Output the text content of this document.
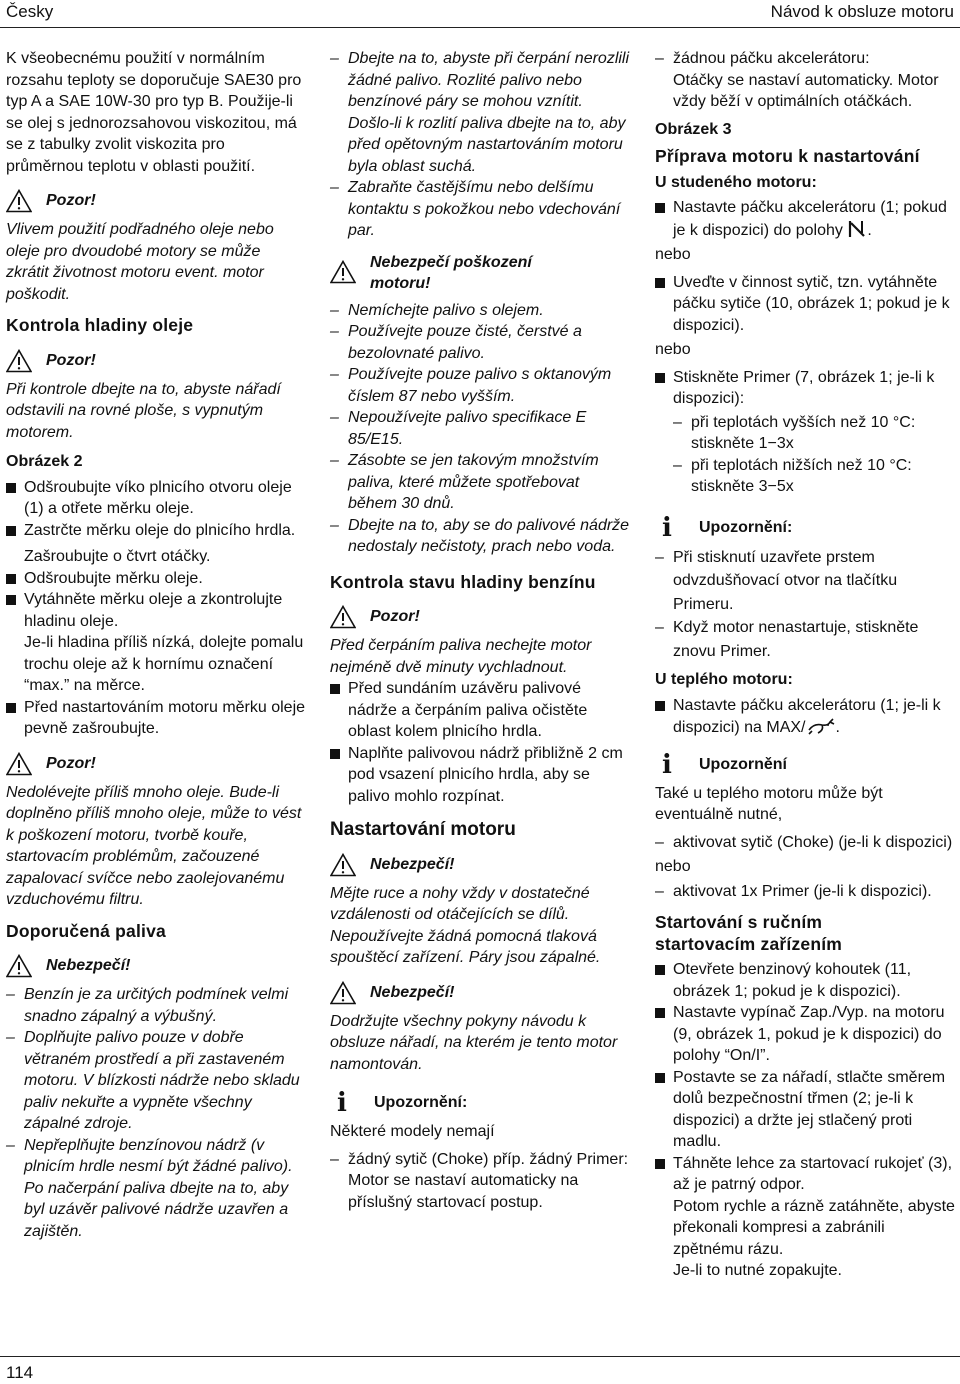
Česky	Návod k obsluze motoru

K všeobecnému použití v normálním rozsahu teploty se doporučuje SAE30 pro typ A a SAE 10W-30 pro typ B. Použije-li se olej s jednorozsahovou viskozitou, má se z tabulky zvolit viskozita pro průměrnou teplotu v oblasti použití.

Pozor!

Vlivem použití podřadného oleje nebo oleje pro dvoudobé motory se může zkrátit životnost motoru event. motor poškodit.

Kontrola hladiny oleje
Pozor!

Při kontrole dbejte na to, abyste nářadí odstavili na rovné ploše, s vypnutým motorem.

Obrázek 2
Odšroubujte víko plnicího otvoru oleje (1) a otřete měrku oleje.
Zastrčte měrku oleje do plnicího hrdla.

Zašroubujte o čtvrt otáčky.

Odšroubujte měrku oleje.
Vytáhněte měrku oleje a zkontrolujte hladinu oleje.

Je-li hladina příliš nízká, dolejte pomalu trochu oleje až k hornímu označení “max.” na měrce.

Před nastartováním motoru měrku oleje pevně zašroubujte.
Pozor!

Nedolévejte příliš mnoho oleje. Bude-li doplněno příliš mnoho oleje, může to vést k poškození motoru, tvorbě kouře, startovacím problémům, začouzené zapalovací svíčce nebo zaolejovanému vzduchovému filtru.

Doporučená paliva
Nebezpečí!
– Benzín je za určitých podmínek velmi snadno zápalný a výbušný.
– Doplňujte palivo pouze v dobře větraném prostředí a při zastaveném motoru. V blízkosti nádrže nebo skladu paliv nekuřte a vypněte všechny zápalné zdroje.
– Nepřeplňujte benzínovou nádrž (v plnicím hrdle nesmí být žádné palivo). Po načerpání paliva dbejte na to, aby byl uzávěr palivové nádrže uzavřen a zajištěn.
– Dbejte na to, abyste při čerpání nerozlili žádné palivo. Rozlité palivo nebo benzínové páry se mohou vznítit. Došlo-li k rozlití paliva dbejte na to, aby před opětovným nastartováním motoru byla oblast suchá.
– Zabraňte častějšímu nebo delšímu kontaktu s pokožkou nebo vdechování par.
Nebezpečí poškození motoru!
– Nemíchejte palivo s olejem.
– Používejte pouze čisté, čerstvé a bezolovnaté palivo.
– Používejte pouze palivo s oktanovým číslem 87 nebo vyšším.
– Nepoužívejte palivo specifikace E 85/E15.
– Zásobte se jen takovým množstvím paliva, které můžete spotřebovat během 30 dnů.
– Dbejte na to, aby se do palivové nádrže nedostaly nečistoty, prach nebo voda.
Kontrola stavu hladiny benzínu
Pozor!

Před čerpáním paliva nechejte motor nejméně dvě minuty vychladnout.

Před sundáním uzávěru palivové nádrže a čerpáním paliva očistěte oblast kolem plnicího hrdla.
Naplňte palivovou nádrž přibližně 2 cm pod vsazení plnicího hrdla, aby se palivo mohlo rozpínat.
Nastartování motoru
Nebezpečí!

Mějte ruce a nohy vždy v dostatečné vzdálenosti od otáčejících se dílů. Nepoužívejte žádná pomocná tlaková spouštěcí zařízení. Páry jsou zápalné.

Nebezpečí!

Dodržujte všechny pokyny návodu k obsluze nářadí, na kterém je tento motor namontován.

i	Upozornění:

Některé modely nemají

– žádný sytič (Choke) příp. žádný Primer:

Motor se nastaví automaticky na příslušný startovací postup.

– žádnou páčku akcelerátoru:

Otáčky se nastaví automaticky. Motor vždy běží v optimálních otáčkách.

Obrázek 3
Příprava motoru k nastartování
U studeného motoru:
Nastavte páčku akcelerátoru (1; pokud je k dispozici) do polohy .

nebo

Uveďte v činnost sytič, tzn. vytáhněte páčku sytiče (10, obrázek 1; pokud je k dispozici).

nebo

Stiskněte Primer (7, obrázek 1; je-li k dispozici):
– při teplotách vyšších než 10 °C: stiskněte 1−3x
– při teplotách nižších než 10 °C: stiskněte 3−5x
i	Upozornění:
– Při stisknutí uzavřete prstem odvzdušňovací otvor na tlačítku Primeru.
– Když motor nenastartuje, stiskněte znovu Primer.
U teplého motoru:
Nastavte páčku akcelerátoru (1; je-li k dispozici) na MAX/ .
i	Upozornění

Také u teplého motoru může být eventuálně nutné,

– aktivovat sytič (Choke) (je-li k dispozici)

nebo

– aktivovat 1x Primer (je-li k dispozici).
Startování s ručním startovacím zařízením
Otevřete benzinový kohoutek (11, obrázek 1; pokud je k dispozici).
Nastavte vypínač Zap./Vyp. na motoru (9, obrázek 1, pokud je k dispozici) do polohy “On/I”.
Postavte se za nářadí, stlačte směrem dolů bezpečnostní třmen (2; je-li k dispozici) a držte jej stlačený proti madlu.
Táhněte lehce za startovací rukojeť (3), až je patrný odpor.

Potom rychle a rázně zatáhněte, abyste překonali kompresi a zabránili zpětnému rázu.

Je-li to nutné zopakujte.

114
